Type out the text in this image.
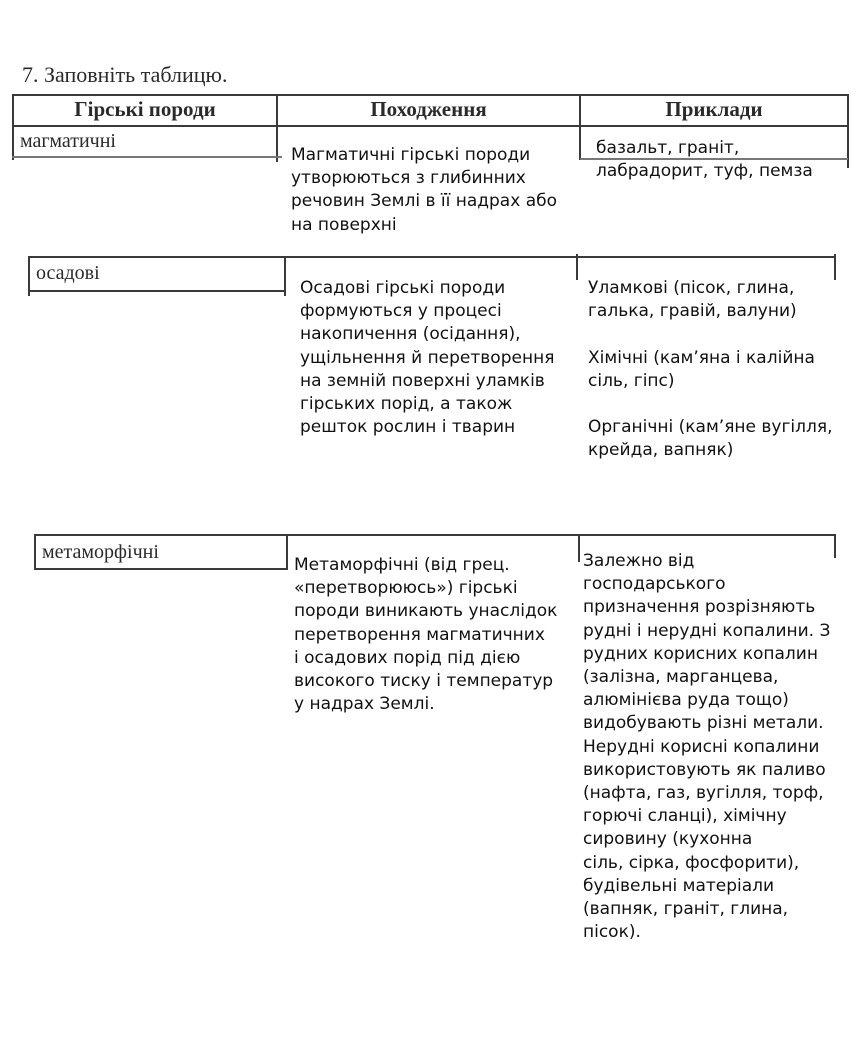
7. Заповніть таблицю.
Гірські породи	Походження	Приклади
магматичні
Магматичні гірські породи
утворюються з глибинних
речовин Землі в її надрах або
на поверхні
базальт, граніт,
лабрадорит, туф, пемза
осадові
Осадові гірські породи
формуються у процесі
накопичення (осідання),
ущільнення й перетворення
на земній поверхні уламків
гірських порід, а також
решток рослин і тварин
Уламкові (пісок, глина,
галька, гравій, валуни)

Хімічні (кам’яна і калійна
сіль, гіпс)

Органічні (кам’яне вугілля,
крейда, вапняк)
метаморфічні
Метаморфічні (від грец.
«перетворююсь») гірські
породи виникають унаслідок
перетворення магматичних
і осадових порід під дією
високого тиску і температур
у надрах Землі.
Залежно від
господарського
призначення розрізняють
рудні і нерудні копалини. З
рудних корисних копалин
(залізна, марганцева,
алюмінієва руда тощо)
видобувають різні метали.
Нерудні корисні копалини
використовують як паливо
(нафта, газ, вугілля, торф,
горючі сланці), хімічну
сировину (кухонна
сіль, сірка, фосфорити),
будівельні матеріали
(вапняк, граніт, глина,
пісок).
